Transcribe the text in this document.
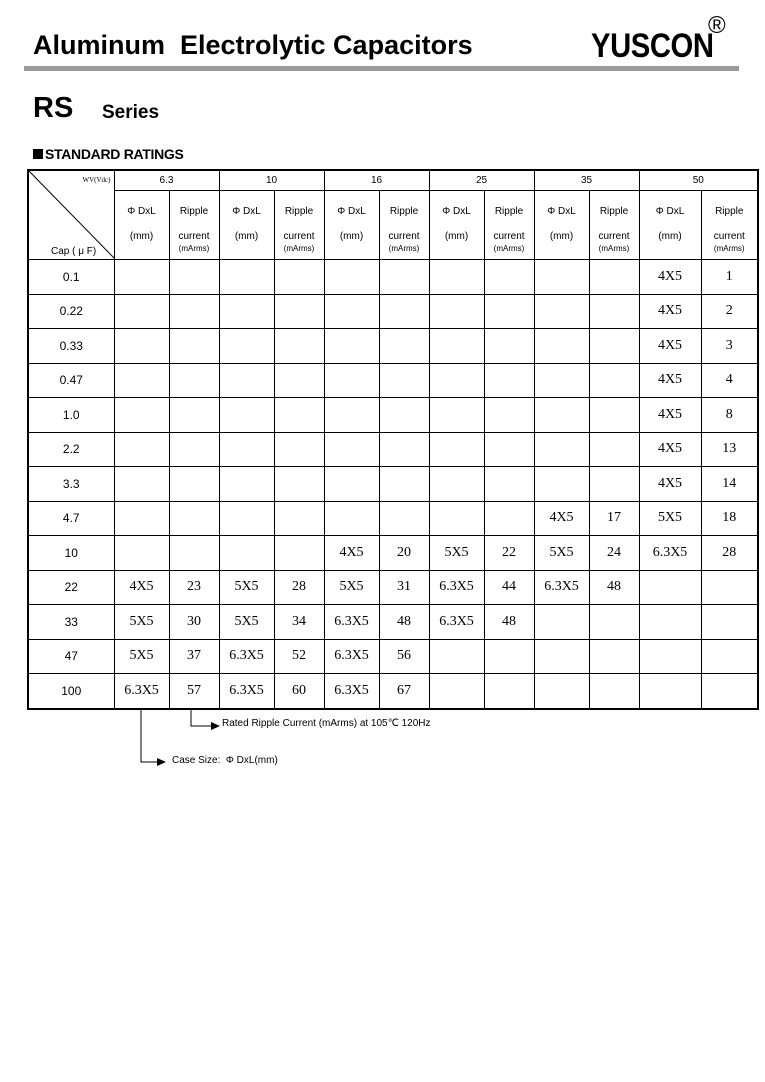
Aluminum  Electrolytic Capacitors	YUSCON
®
RS Series
STANDARD RATINGS
WV(Vdc)
Cap ( μ F)	6.3		10		16		25		35		50	

	Φ DxL
(mm)	Ripple
current
(mArms)	Φ DxL
(mm)	Ripple
current
(mArms)	Φ DxL
(mm)	Ripple
current
(mArms)	Φ DxL
(mm)	Ripple
current
(mArms)	Φ DxL
(mm)	Ripple
current
(mArms)	Φ DxL
(mm)	Ripple
current
(mArms)

0.1											4X5	1
0.22											4X5	2
0.33											4X5	3
0.47											4X5	4
1.0											4X5	8
2.2											4X5	13
3.3											4X5	14
4.7									4X5	17	5X5	18
10					4X5	20	5X5	22	5X5	24	6.3X5	28
22	4X5	23	5X5	28	5X5	31	6.3X5	44	6.3X5	48		
33	5X5	30	5X5	34	6.3X5	48	6.3X5	48				
47	5X5	37	6.3X5	52	6.3X5	56						
100	6.3X5	57	6.3X5	60	6.3X5	67						
Rated Ripple Current (mArms) at 105℃ 120Hz
Case Size:  Φ DxL(mm)
